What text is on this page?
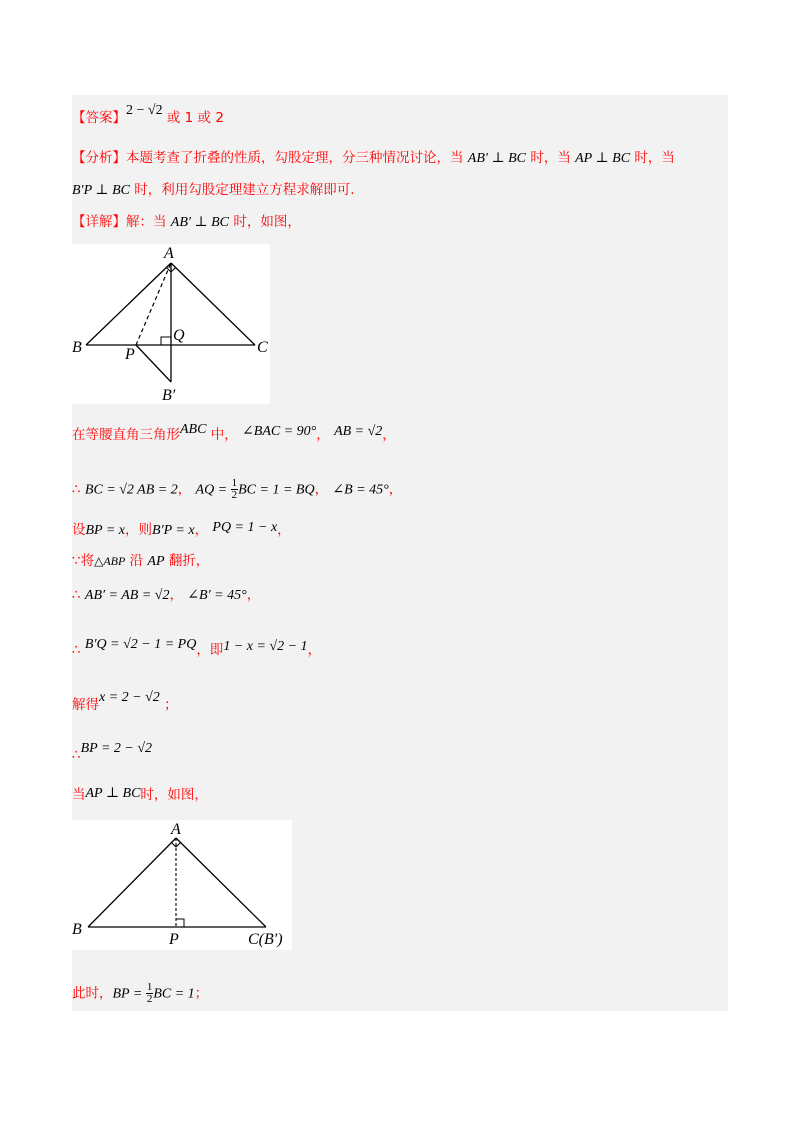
【答案】2 − √2 或 1 或 2
【分析】本题考查了折叠的性质，勾股定理，分三种情况讨论，当 AB′ ⊥ BC 时，当 AP ⊥ BC 时，当
B′P ⊥ BC 时，利用勾股定理建立方程求解即可.
【详解】解：当 AB′ ⊥ BC 时，如图，
A
B	C
P
Q
B′
在等腰直角三角形ABC 中， ∠BAC = 90°， AB = √2，
∴ BC = √2 AB = 2， AQ = $\frac{1}{2}$ BC = 1 = BQ， ∠B = 45°，
设BP = x，则B′P = x， PQ = 1 − x，
∵将△ABP 沿 AP 翻折，
∴ AB′ = AB = √2， ∠B′ = 45°，
∴ B′Q = √2 − 1 = PQ，即1 − x = √2 − 1，
解得x = 2 − √2 ；
∴BP = 2 − √2
当AP ⊥ BC时，如图，
A
B
P	C(B′)
此时，BP = $\frac{1}{2}$ BC = 1；
